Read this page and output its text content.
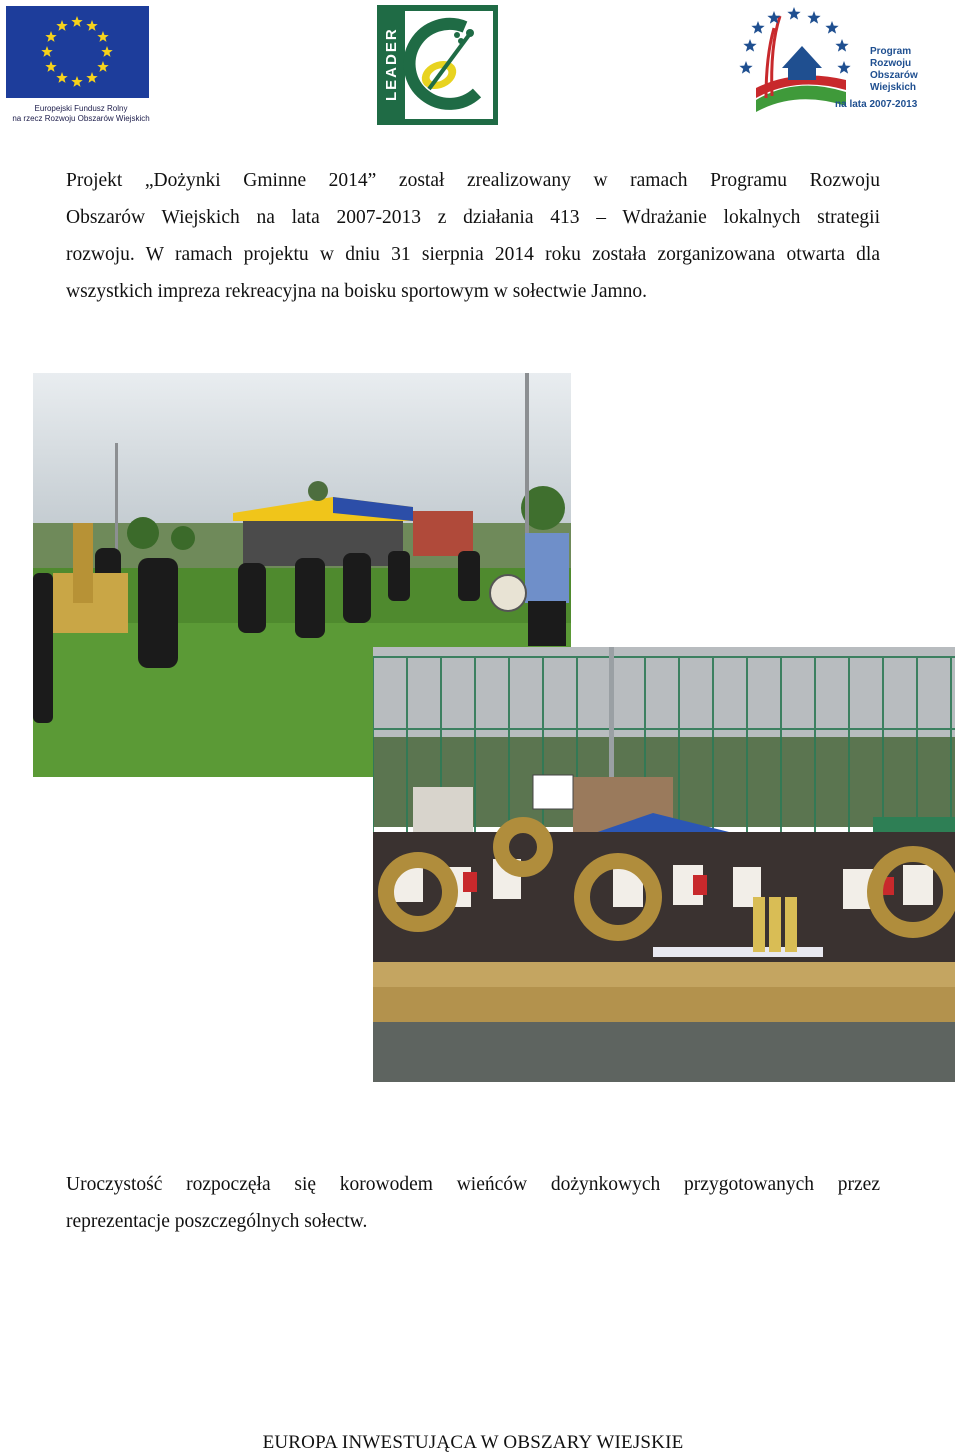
Europejski Fundusz Rolny
na rzecz Rozwoju Obszarów Wiejskich
LEADER	Program
Rozwoju
Obszarów
Wiejskich
na lata 2007-2013
Projekt „Dożynki Gminne 2014” został zrealizowany w ramach Programu Rozwoju
Obszarów Wiejskich na lata 2007-2013 z działania 413 – Wdrażanie lokalnych strategii
rozwoju. W ramach projektu w dniu 31 sierpnia 2014 roku została zorganizowana otwarta dla
wszystkich impreza rekreacyjna na boisku sportowym w sołectwie Jamno.
Uroczystość rozpoczęła się korowodem wieńców dożynkowych przygotowanych przez
reprezentacje poszczególnych sołectw.
EUROPA INWESTUJĄCA W OBSZARY WIEJSKIE
